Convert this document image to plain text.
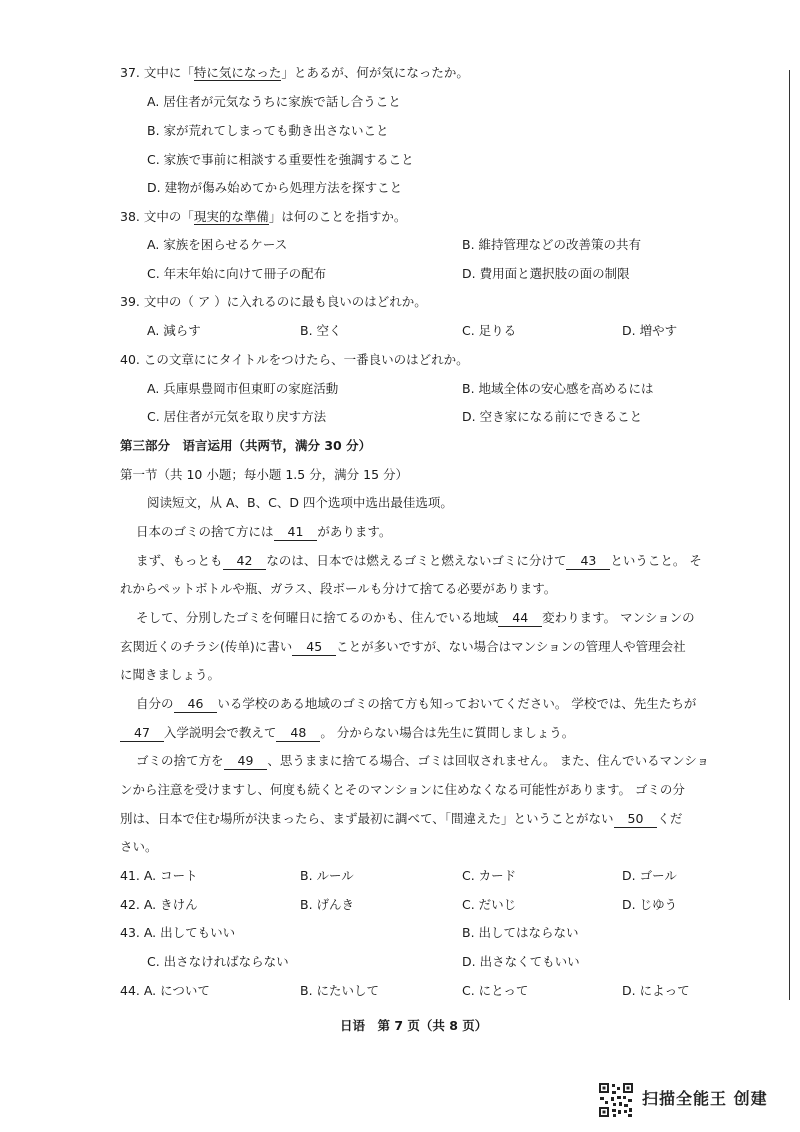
37. 文中に「特に気になった」とあるが、何が気になったか。
A. 居住者が元気なうちに家族で話し合うこと
B. 家が荒れてしまっても動き出さないこと
C. 家族で事前に相談する重要性を強調すること
D. 建物が傷み始めてから処理方法を探すこと
38. 文中の「現実的な準備」は何のことを指すか。
A. 家族を困らせるケース	B. 維持管理などの改善策の共有
C. 年末年始に向けて冊子の配布	D. 費用面と選択肢の面の制限
39. 文中の（ ア ）に入れるのに最も良いのはどれか。
A. 減らす	B. 空く	C. 足りる	D. 増やす
40. この文章ににタイトルをつけたら、一番良いのはどれか。
A. 兵庫県豊岡市但東町の家庭活動	B. 地域全体の安心感を高めるには
C. 居住者が元気を取り戻す方法	D. 空き家になる前にできること
第三部分　语言运用（共两节，满分 30 分）
第一节（共 10 小题；每小题 1.5 分，满分 15 分）
阅读短文，从 A、B、C、D 四个选项中选出最佳选项。
日本のゴミの捨て方には 41 があります。
まず、もっとも 42 なのは、日本では燃えるゴミと燃えないゴミに分けて 43 ということ。 そ
れからペットボトルや瓶、ガラス、段ボールも分けて捨てる必要があります。
そして、分別したゴミを何曜日に捨てるのかも、住んでいる地域 44 変わります。 マンションの
玄関近くのチラシ(传单)に書い 45 ことが多いですが、ない場合はマンションの管理人や管理会社
に聞きましょう。
自分の 46 いる学校のある地域のゴミの捨て方も知っておいてください。 学校では、先生たちが
47 入学説明会で教えて 48 。 分からない場合は先生に質問しましょう。
ゴミの捨て方を 49 、思うままに捨てる場合、ゴミは回収されません。 また、住んでいるマンショ
ンから注意を受けますし、何度も続くとそのマンションに住めなくなる可能性があります。 ゴミの分
別は、日本で住む場所が決まったら、まず最初に調べて、「間違えた」ということがない 50 くだ
さい。
41. A. コート	B. ルール	C. カード	D. ゴール
42. A. きけん	B. げんき	C. だいじ	D. じゆう
43. A. 出してもいい	B. 出してはならない
C. 出さなければならない	D. 出さなくてもいい
44. A. について	B. にたいして	C. にとって	D. によって
日语　第 7 页（共 8 页）
扫描全能王 创建
